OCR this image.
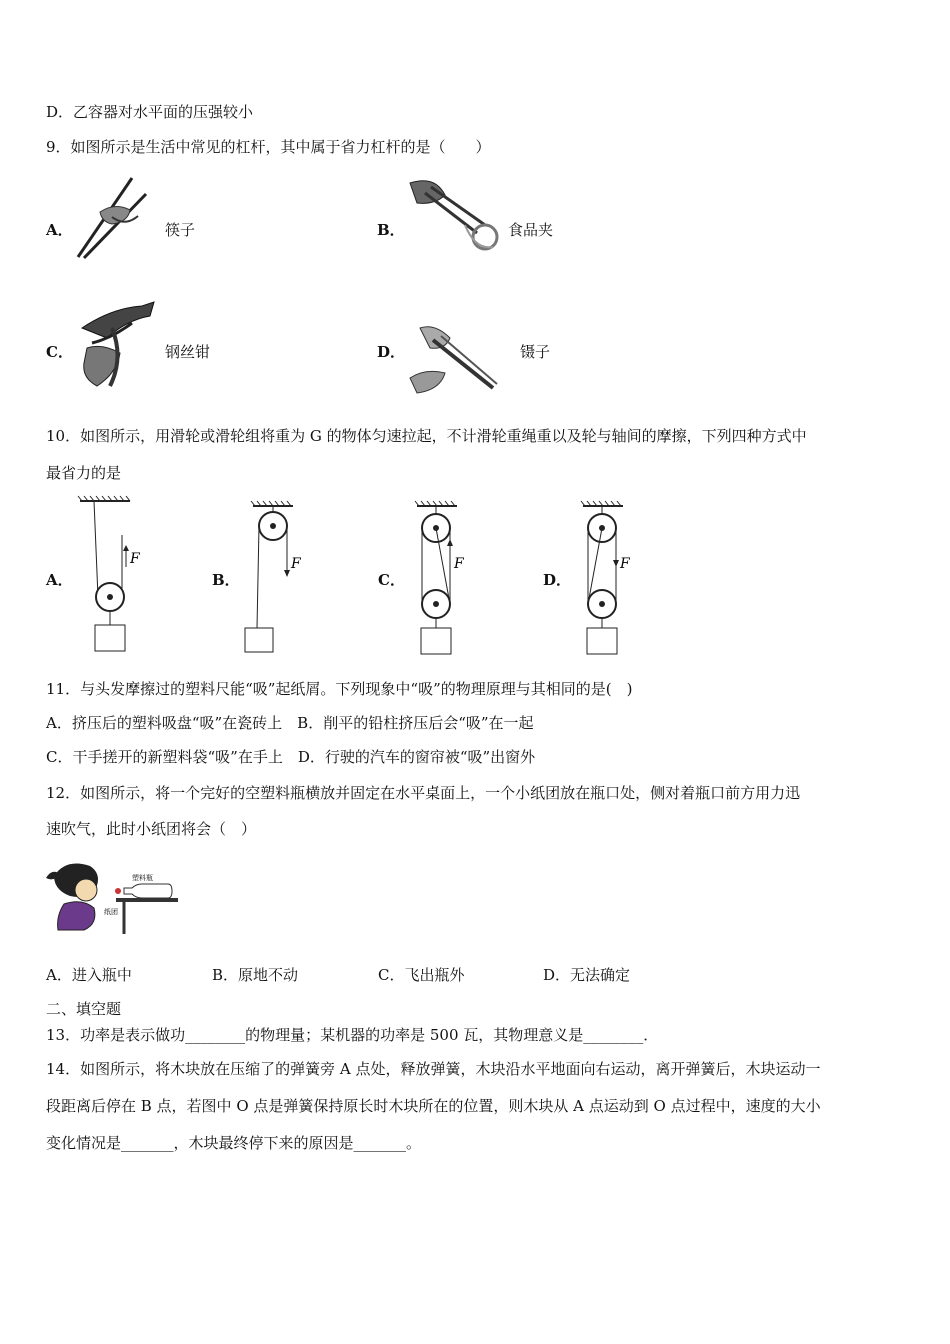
D．乙容器对水平面的压强较小
9．如图所示是生活中常见的杠杆，其中属于省力杠杆的是（　　）
A．	筷子	B．	食品夹
C．	钢丝钳	D．	镊子
10．如图所示，用滑轮或滑轮组将重为 G 的物体匀速拉起，不计滑轮重绳重以及轮与轴间的摩擦，下列四种方式中
最省力的是
A．
F
B．
F
C．
F
D．
F
11．与头发摩擦过的塑料尺能“吸”起纸屑。下列现象中“吸”的物理原理与其相同的是(　)
A．挤压后的塑料吸盘“吸”在瓷砖上　B．削平的铅柱挤压后会“吸”在一起
C．干手搓开的新塑料袋“吸”在手上　D．行驶的汽车的窗帘被“吸”出窗外
12．如图所示，将一个完好的空塑料瓶横放并固定在水平桌面上，一个小纸团放在瓶口处，侧对着瓶口前方用力迅
速吹气，此时小纸团将会（　）
塑料瓶
纸团
A．进入瓶中	B．原地不动	C．飞出瓶外	D．无法确定
二、填空题
13．功率是表示做功________的物理量；某机器的功率是 500 瓦，其物理意义是________．
14．如图所示，将木块放在压缩了的弹簧旁 A 点处，释放弹簧，木块沿水平地面向右运动，离开弹簧后，木块运动一
段距离后停在 B 点，若图中 O 点是弹簧保持原长时木块所在的位置，则木块从 A 点运动到 O 点过程中，速度的大小
变化情况是_______，木块最终停下来的原因是_______。
